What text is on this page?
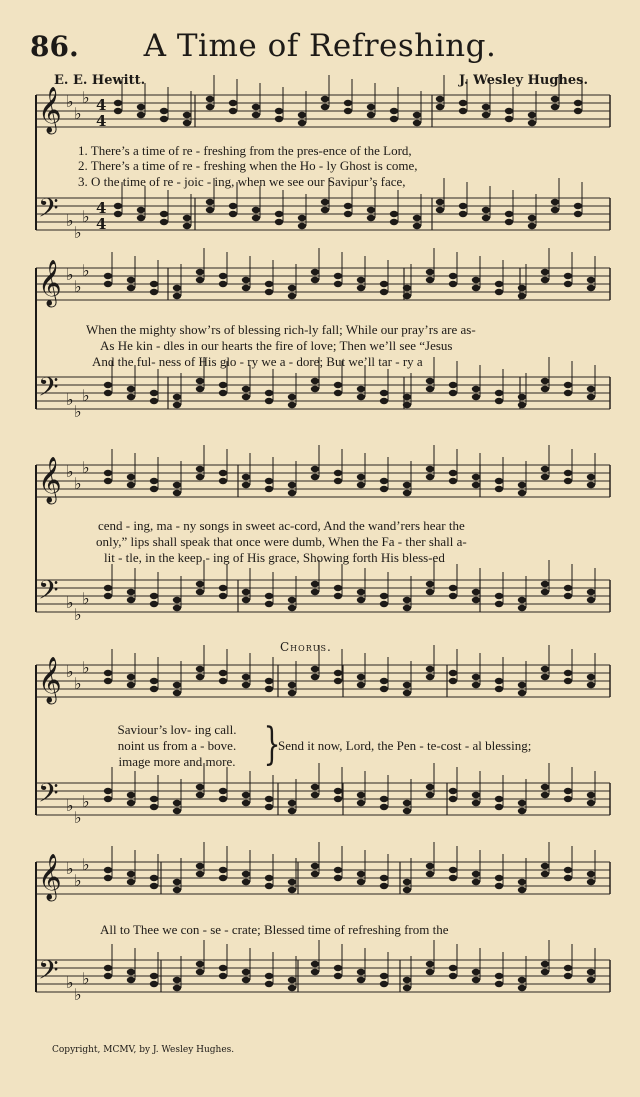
86.	A Time of Refreshing.
E. E. Hewitt.	J. Wesley Hughes.
𝄞 ♭
♭
♭
𝄢 ♭
♭
♭
𝄞 ♭
♭
♭
𝄢 ♭
♭
♭
𝄞 ♭
♭
♭
𝄢 ♭
♭
♭
𝄞 ♭
♭
♭
𝄢 ♭
♭
♭
𝄞 ♭
♭
♭
𝄢 ♭
♭
♭
4
4
4
4
1. There’s a time of re - freshing from the pres-ence of the Lord,
2. There’s a time of re - freshing when the Ho - ly Ghost is come,
3. O the time of re - joic - ing, when we see our Saviour’s face,
When the mighty show’rs of blessing rich-ly fall; While our pray’rs are as-
As He kin - dles in our hearts the fire of love; Then we’ll see “Jesus
And the ful- ness of His glo - ry we a - dore; But we’ll tar - ry a
cend - ing, ma - ny songs in sweet ac-cord, And the wand’rers hear the
only,” lips shall speak that once were dumb, When the Fa - ther shall a-
lit - tle, in the keep - ing of His grace, Showing forth His bless-ed
Chorus.
Saviour’s lov- ing call.
noint us from a - bove.
image more and more. }
Send it now, Lord, the Pen - te-cost - al blessing;
All to Thee we con - se - crate; Blessed time of refreshing from the
Copyright, MCMV, by J. Wesley Hughes.
